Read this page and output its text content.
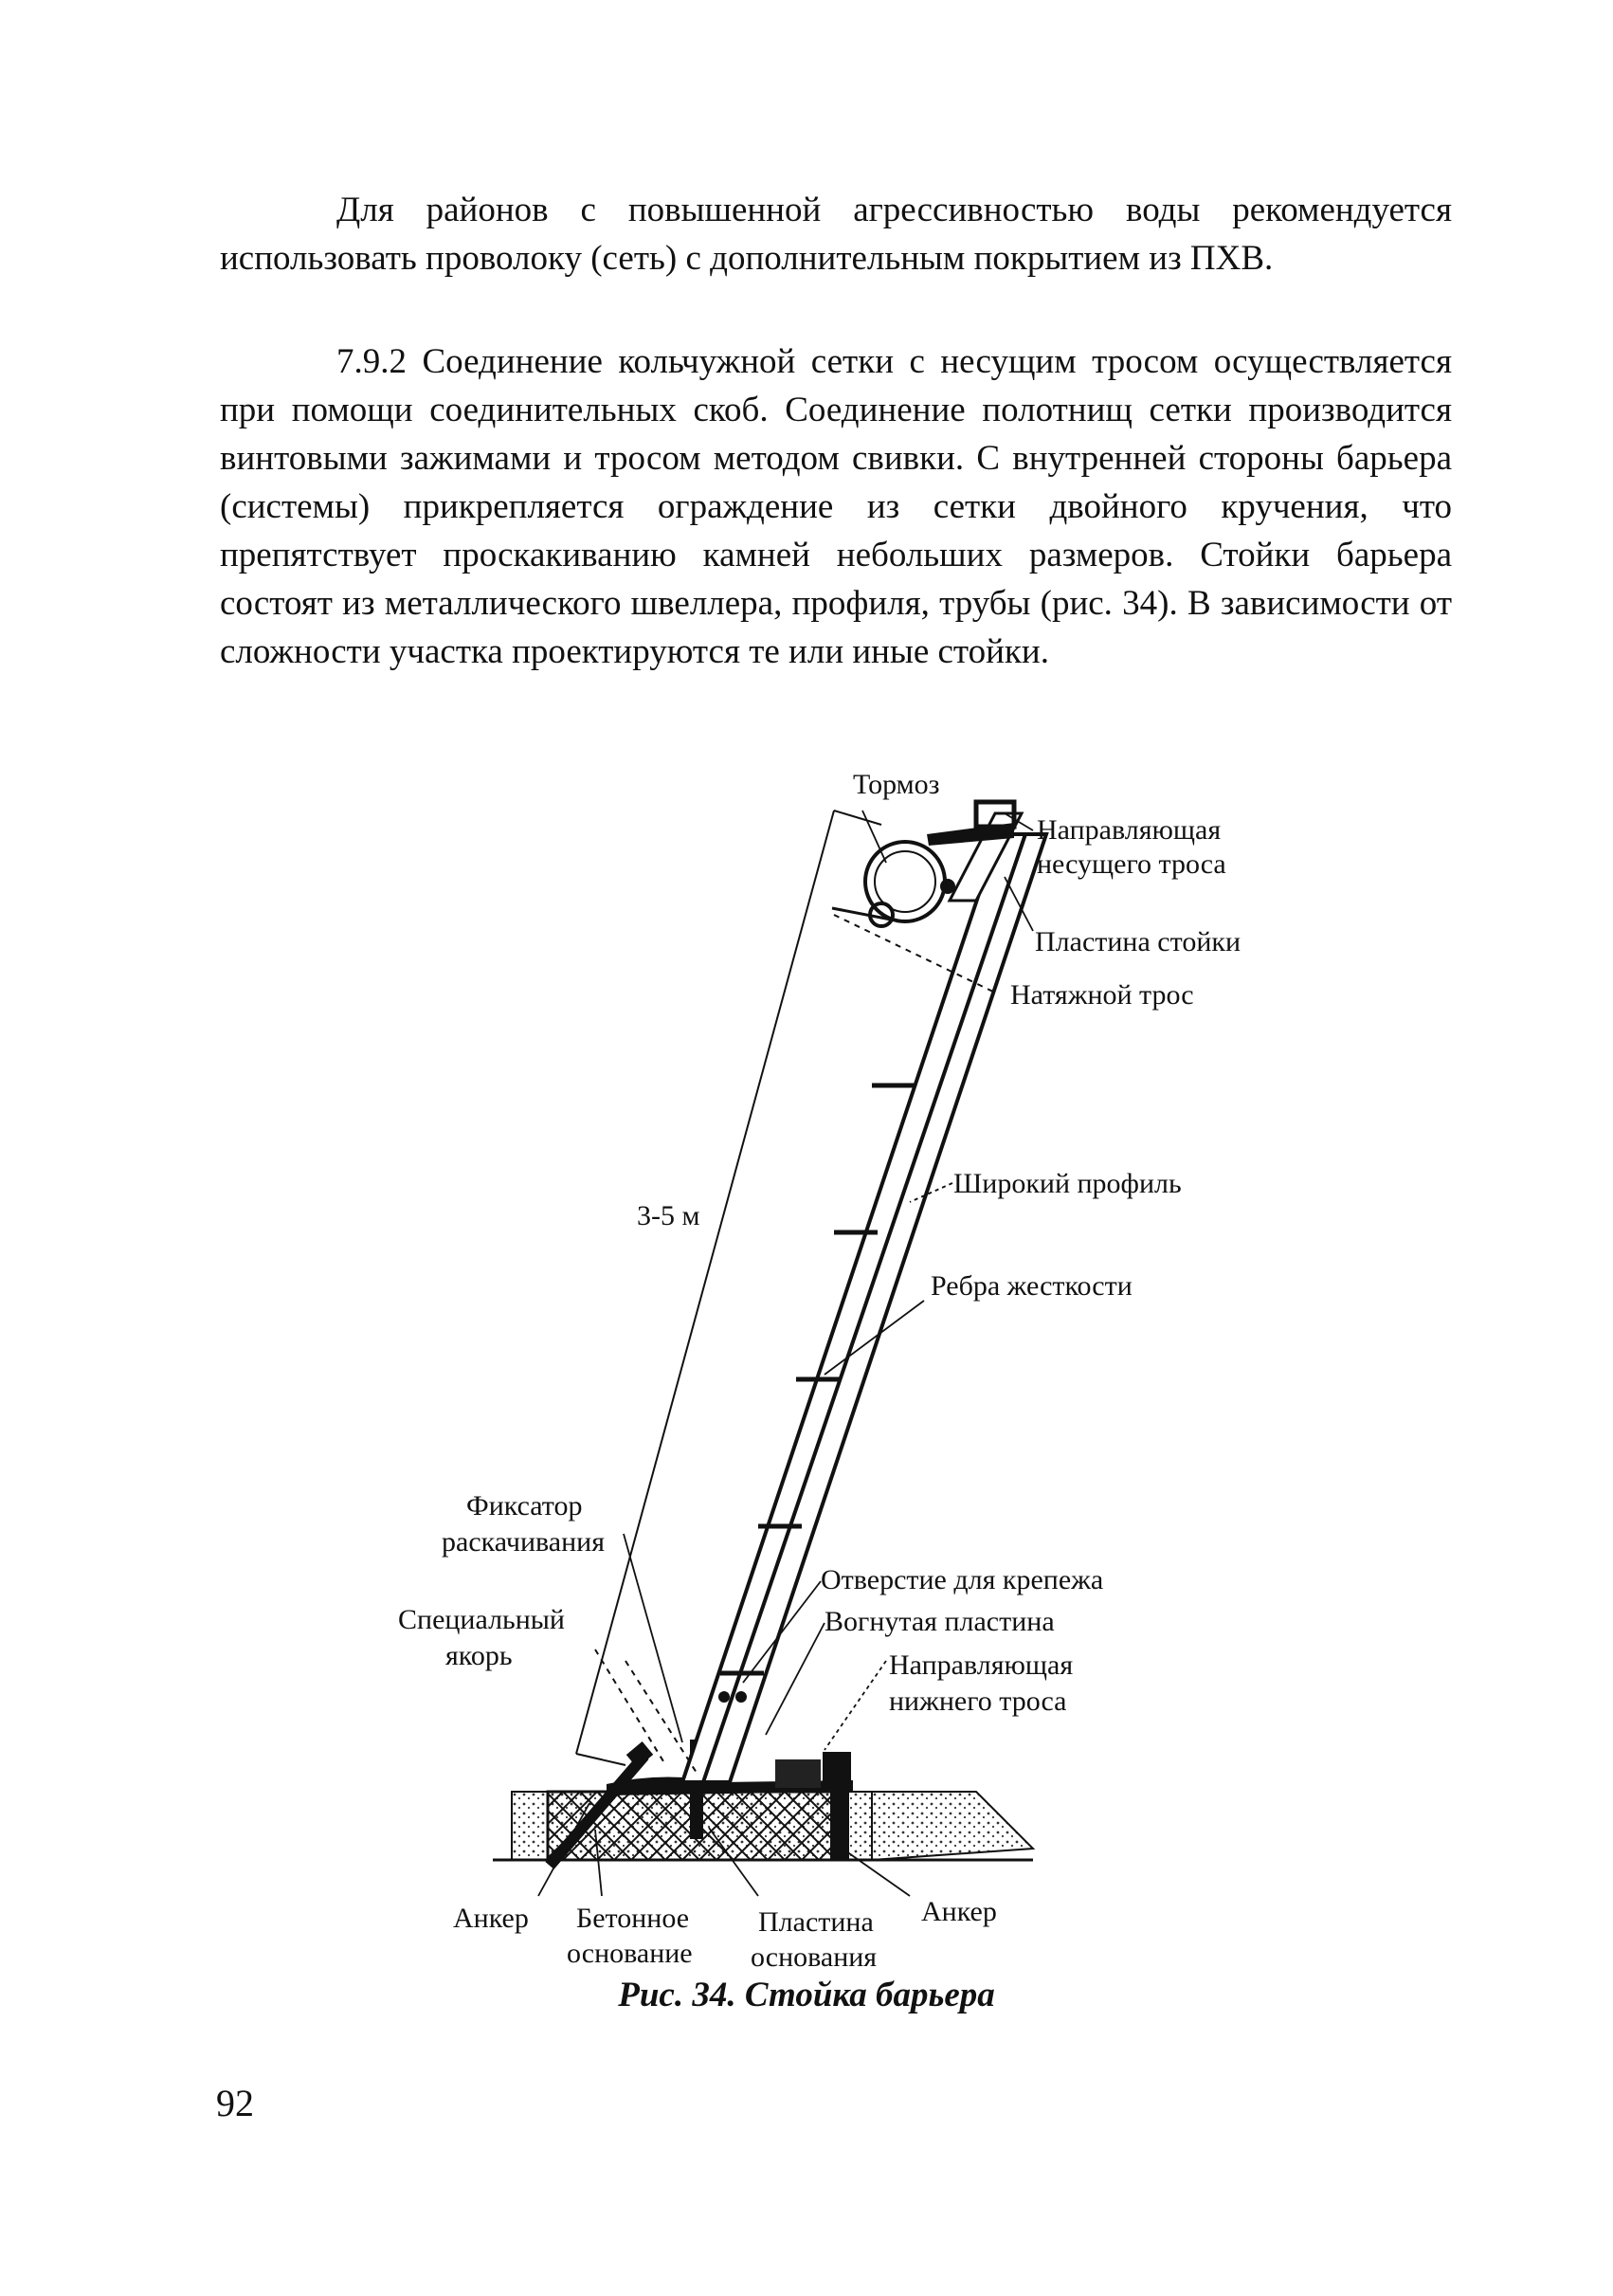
Для районов с повышенной агрессивностью воды рекомендуется использовать проволоку (сеть) с дополнительным покрытием из ПХВ.
7.9.2 Соединение кольчужной сетки с несущим тросом осуществляется при помощи соединительных скоб. Соединение полотнищ сетки производится винтовыми зажимами и тросом методом свивки. С внутренней стороны барьера (системы) прикрепляется ограждение из сетки двойного кручения, что препятствует проскакиванию камней небольших размеров. Стойки барьера состоят из металлического швеллера, профиля, трубы (рис. 34). В зависимости от сложности участка проектируются те или иные стойки.
Тормоз
Направляющая
несущего троса
Пластина стойки
Натяжной трос
Широкий профиль
3-5 м
Ребра жесткости
Фиксатор
раскачивания
Специальный
якорь
Отверстие для крепежа
Вогнутая пластина
Направляющая
нижнего троса
Анкер Бетонное
основание
Пластина
основания
Анкер
Рис. 34. Стойка барьера
92
